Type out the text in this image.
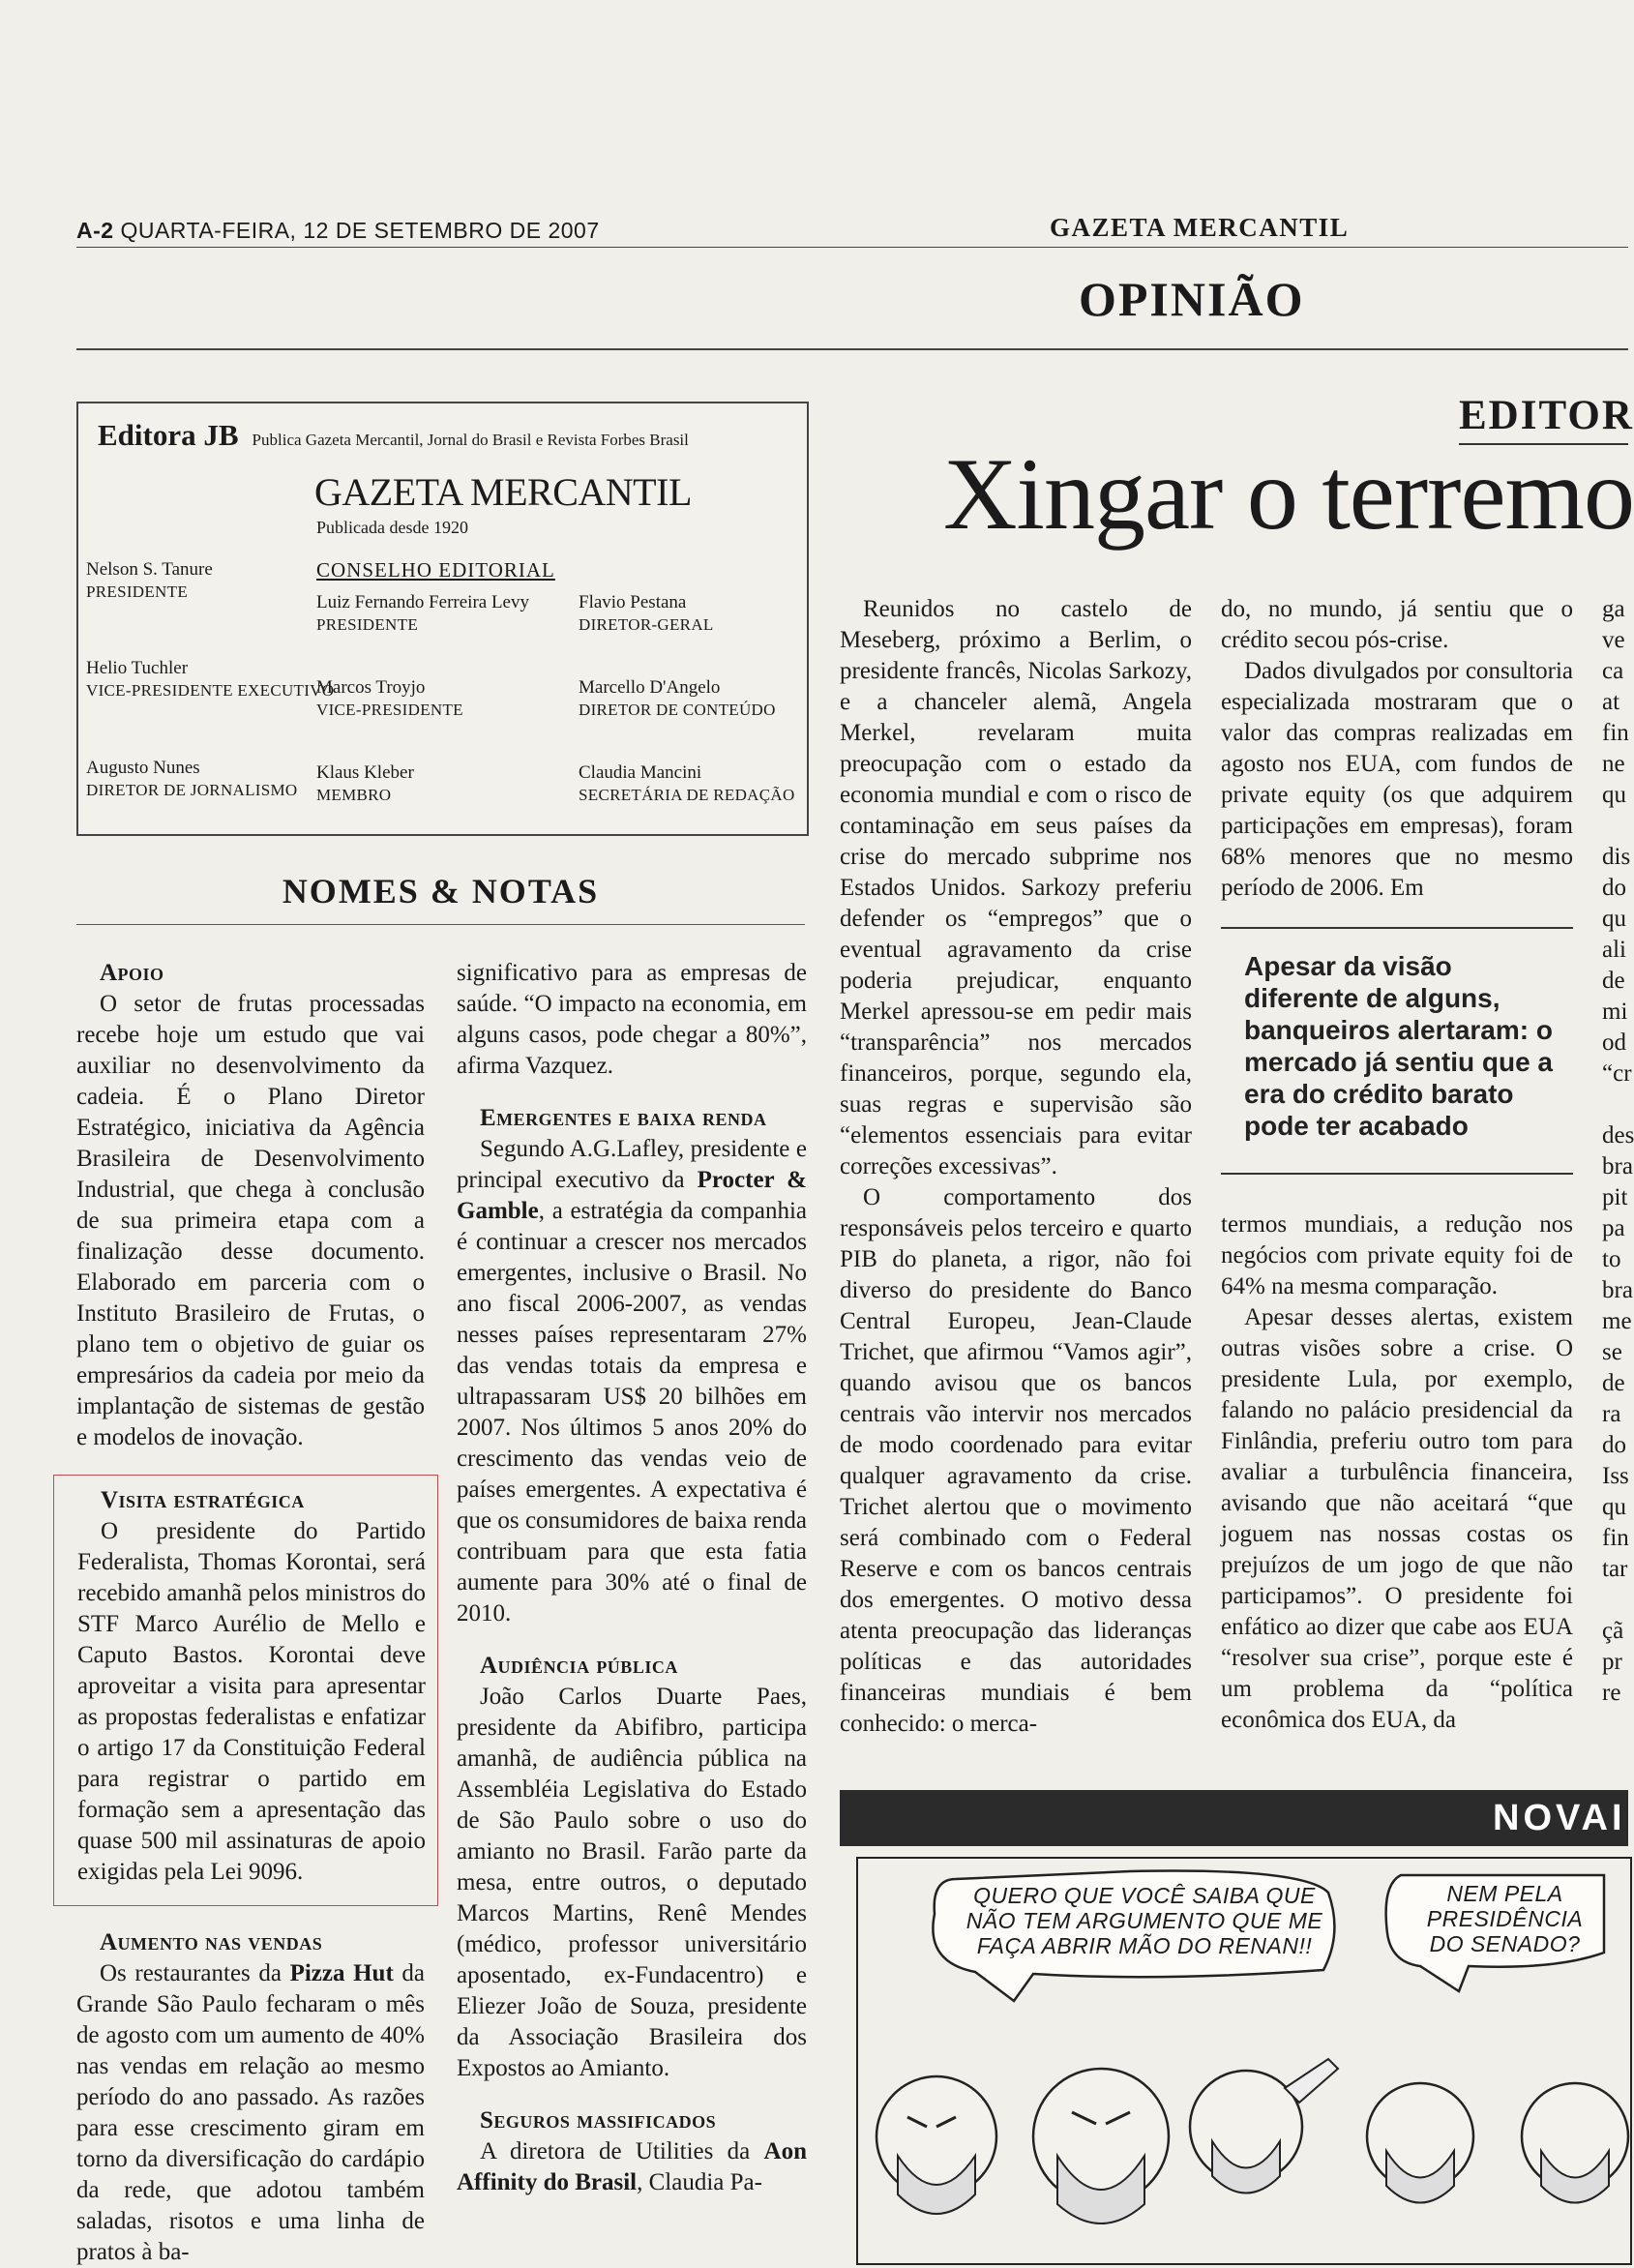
A-2 QUARTA-FEIRA, 12 DE SETEMBRO DE 2007	GAZETA MERCANTIL
OPINIÃO
Editora JB Publica Gazeta Mercantil, Jornal do Brasil e Revista Forbes Brasil
GAZETA MERCANTIL
Publicada desde 1920
CONSELHO EDITORIAL
Nelson S. Tanure
PRESIDENTE
Helio Tuchler
VICE-PRESIDENTE EXECUTIVO
Augusto Nunes
DIRETOR DE JORNALISMO
Luiz Fernando Ferreira Levy
PRESIDENTE
Flavio Pestana
DIRETOR-GERAL
Marcos Troyjo
VICE-PRESIDENTE
Marcello D'Angelo
DIRETOR DE CONTEÚDO
Klaus Kleber
MEMBRO
Claudia Mancini
SECRETÁRIA DE REDAÇÃO
NOMES & NOTAS

Apoio

O setor de frutas processadas recebe hoje um estudo que vai auxiliar no desenvolvimento da cadeia. É o Plano Diretor Estratégico, iniciativa da Agência Brasileira de Desenvolvimento Industrial, que chega à conclusão de sua primeira etapa com a finalização desse documento. Elaborado em parceria com o Instituto Brasileiro de Frutas, o plano tem o objetivo de guiar os empresários da cadeia por meio da implantação de sistemas de gestão e modelos de inovação.

Visita estratégica

O presidente do Partido Federalista, Thomas Korontai, será recebido amanhã pelos ministros do STF Marco Aurélio de Mello e Caputo Bastos. Korontai deve aproveitar a visita para apresentar as propostas federalistas e enfatizar o artigo 17 da Constituição Federal para registrar o partido em formação sem a apresentação das quase 500 mil assinaturas de apoio exigidas pela Lei 9096.

Aumento nas vendas

Os restaurantes da Pizza Hut da Grande São Paulo fecharam o mês de agosto com um aumento de 40% nas vendas em relação ao mesmo período do ano passado. As razões para esse crescimento giram em torno da diversificação do cardápio da rede, que adotou também saladas, risotos e uma linha de pratos à ba-

significativo para as empresas de saúde. “O impacto na economia, em alguns casos, pode chegar a 80%”, afirma Vazquez.

Emergentes e baixa renda

Segundo A.G.Lafley, presidente e principal executivo da Procter & Gamble, a estratégia da companhia é continuar a crescer nos mercados emergentes, inclusive o Brasil. No ano fiscal 2006-2007, as vendas nesses países representaram 27% das vendas totais da empresa e ultrapassaram US$ 20 bilhões em 2007. Nos últimos 5 anos 20% do crescimento das vendas veio de países emergentes. A expectativa é que os consumidores de baixa renda contribuam para que esta fatia aumente para 30% até o final de 2010.

Audiência pública

João Carlos Duarte Paes, presidente da Abifibro, participa amanhã, de audiência pública na Assembléia Legislativa do Estado de São Paulo sobre o uso do amianto no Brasil. Farão parte da mesa, entre outros, o deputado Marcos Martins, Renê Mendes (médico, professor universitário aposentado, ex-Fundacentro) e Eliezer João de Souza, presidente da Associação Brasileira dos Expostos ao Amianto.

Seguros massificados

A diretora de Utilities da Aon Affinity do Brasil, Claudia Pa-

EDITOR
Xingar o terremo

Reunidos no castelo de Meseberg, próximo a Berlim, o presidente francês, Nicolas Sarkozy, e a chanceler alemã, Angela Merkel, revelaram muita preocupação com o estado da economia mundial e com o risco de contaminação em seus países da crise do mercado subprime nos Estados Unidos. Sarkozy preferiu defender os “empregos” que o eventual agravamento da crise poderia prejudicar, enquanto Merkel apressou-se em pedir mais “transparência” nos mercados financeiros, porque, segundo ela, suas regras e supervisão são “elementos essenciais para evitar correções excessivas”.

O comportamento dos responsáveis pelos terceiro e quarto PIB do planeta, a rigor, não foi diverso do presidente do Banco Central Europeu, Jean-Claude Trichet, que afirmou “Vamos agir”, quando avisou que os bancos centrais vão intervir nos mercados de modo coordenado para evitar qualquer agravamento da crise. Trichet alertou que o movimento será combinado com o Federal Reserve e com os bancos centrais dos emergentes. O motivo dessa atenta preocupação das lideranças políticas e das autoridades financeiras mundiais é bem conhecido: o merca-

do, no mundo, já sentiu que o crédito secou pós-crise.

Dados divulgados por consultoria especializada mostraram que o valor das compras realizadas em agosto nos EUA, com fundos de private equity (os que adquirem participações em empresas), foram 68% menores que no mesmo período de 2006. Em

Apesar da visão diferente de alguns, banqueiros alertaram: o mercado já sentiu que a era do crédito barato pode ter acabado

termos mundiais, a redução nos negócios com private equity foi de 64% na mesma comparação.

Apesar desses alertas, existem outras visões sobre a crise. O presidente Lula, por exemplo, falando no palácio presidencial da Finlândia, preferiu outro tom para avaliar a turbulência financeira, avisando que não aceitará “que joguem nas nossas costas os prejuízos de um jogo de que não participamos”. O presidente foi enfático ao dizer que cabe aos EUA “resolver sua crise”, porque este é um problema da “política econômica dos EUA, da

ga
ve
ca
at
fin
ne
qu

dis
do
qu
ali
de
mi
od
“cr

des
bra
pit
pa
to
bra
me
se
de
ra
do
Iss
qu
fin
tar

çã
pr
re
NOVAI
QUERO QUE VOCÊ SAIBA QUE NÃO TEM ARGUMENTO QUE ME FAÇA ABRIR MÃO DO RENAN!!
NEM PELA PRESIDÊNCIA DO SENADO?
